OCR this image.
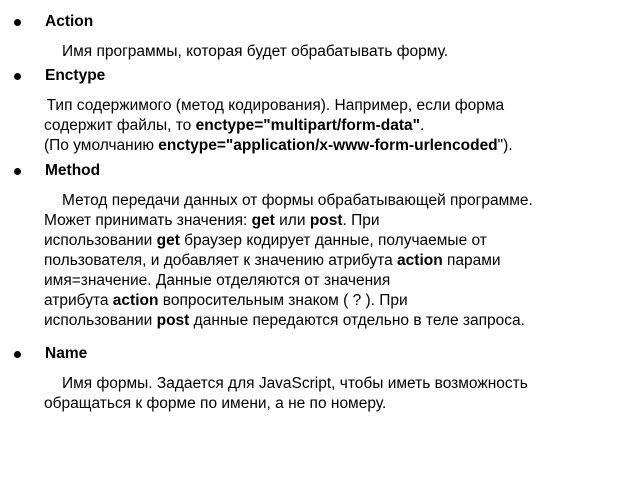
Action
Имя программы, которая будет обрабатывать форму.
Enctype
Тип содержимого (метод кодирования). Например, если форма
содержит файлы, то enctype="multipart/form-data".
(По умолчанию enctype="application/x-www-form-urlencoded").
Method
Метод передачи данных от формы обрабатывающей программе.
Может принимать значения: get или post. При
использовании get браузер кодирует данные, получаемые от
пользователя, и добавляет к значению атрибута action парами
имя=значение. Данные отделяются от значения
атрибута action вопросительным знаком ( ? ). При
использовании post данные передаются отдельно в теле запроса.
Name
Имя формы. Задается для JavaScript, чтобы иметь возможность
обращаться к форме по имени, а не по номеру.
